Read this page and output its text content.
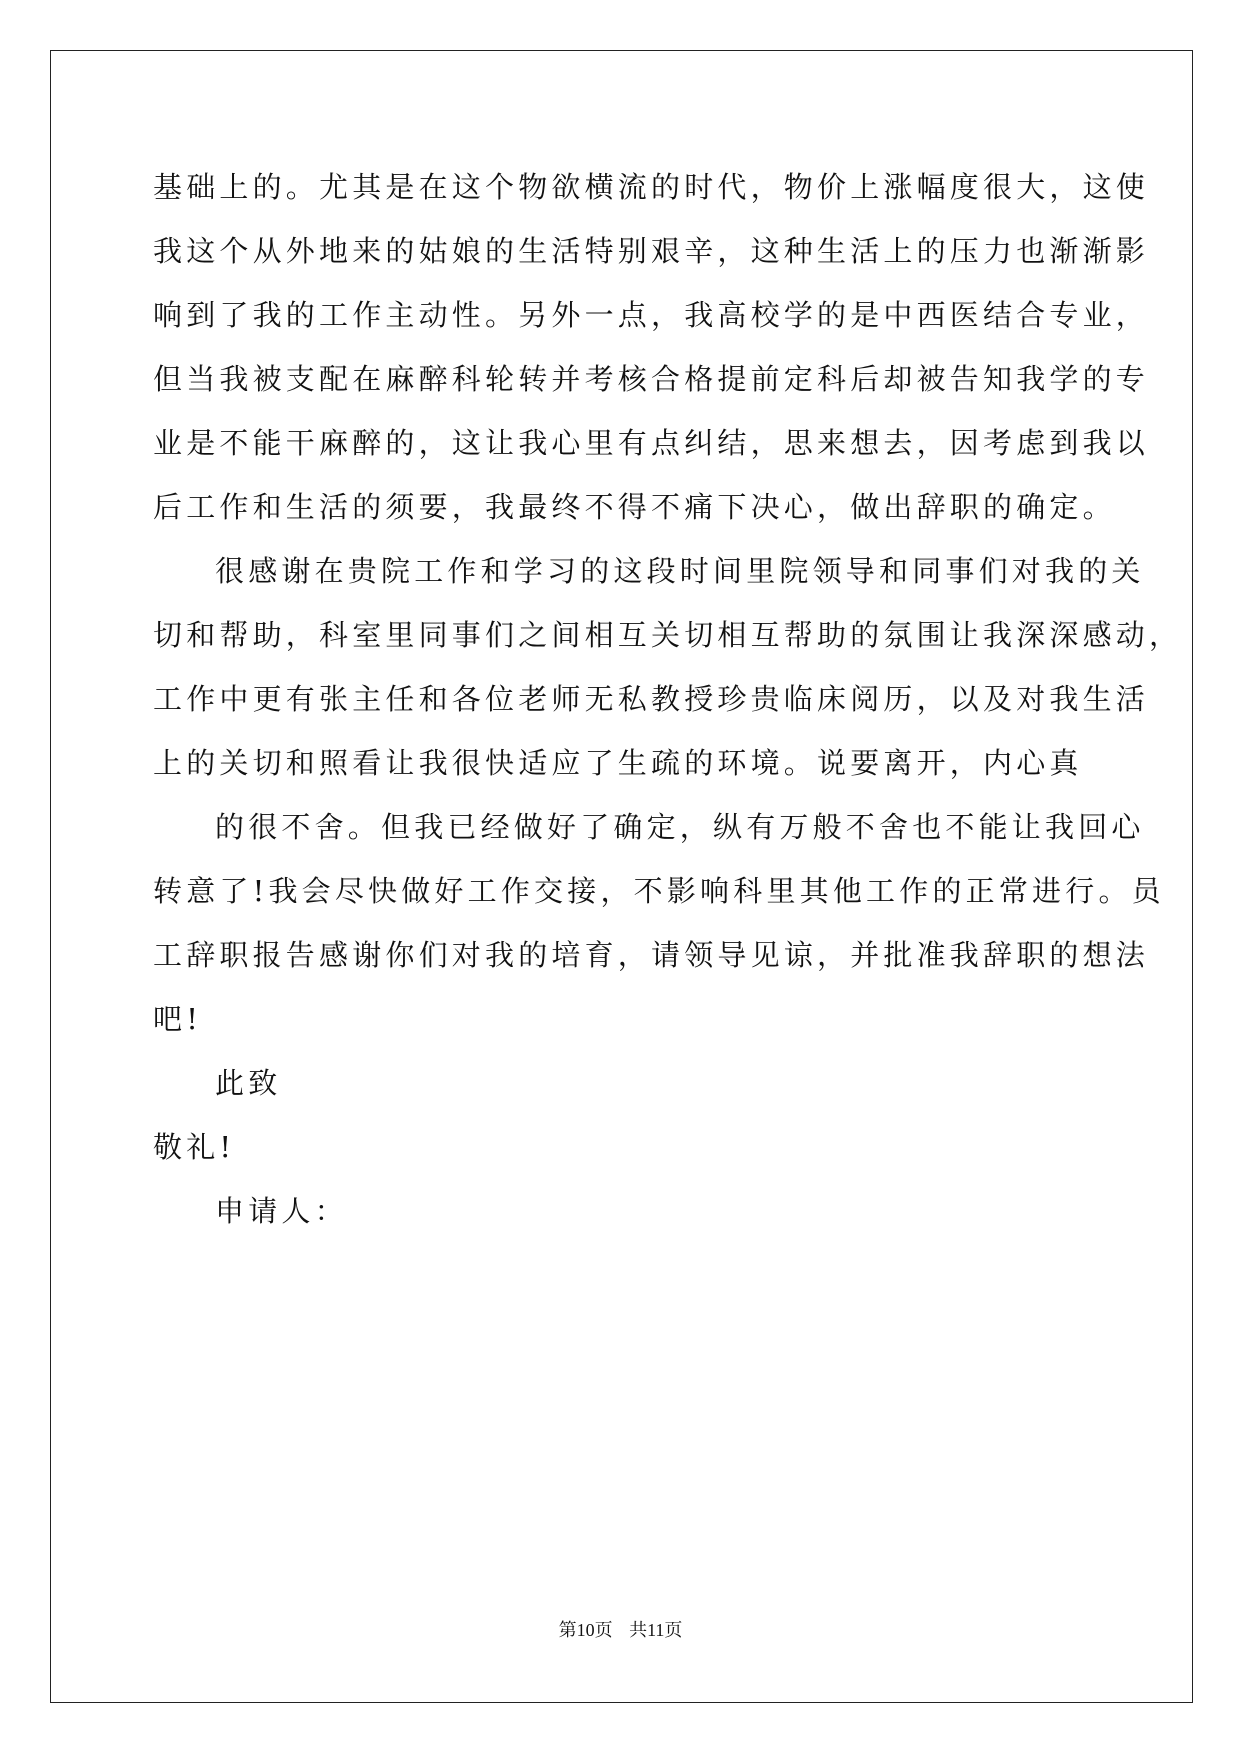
基础上的。尤其是在这个物欲横流的时代，物价上涨幅度很大，这使

我这个从外地来的姑娘的生活特别艰辛，这种生活上的压力也渐渐影

响到了我的工作主动性。另外一点，我高校学的是中西医结合专业，

但当我被支配在麻醉科轮转并考核合格提前定科后却被告知我学的专

业是不能干麻醉的，这让我心里有点纠结，思来想去，因考虑到我以

后工作和生活的须要，我最终不得不痛下决心，做出辞职的确定。

很感谢在贵院工作和学习的这段时间里院领导和同事们对我的关

切和帮助，科室里同事们之间相互关切相互帮助的氛围让我深深感动，

工作中更有张主任和各位老师无私教授珍贵临床阅历，以及对我生活

上的关切和照看让我很快适应了生疏的环境。说要离开，内心真

的很不舍。但我已经做好了确定，纵有万般不舍也不能让我回心

转意了!我会尽快做好工作交接，不影响科里其他工作的正常进行。员

工辞职报告感谢你们对我的培育，请领导见谅，并批准我辞职的想法

吧!

此致

敬礼!

申请人：

第10页 共11页
